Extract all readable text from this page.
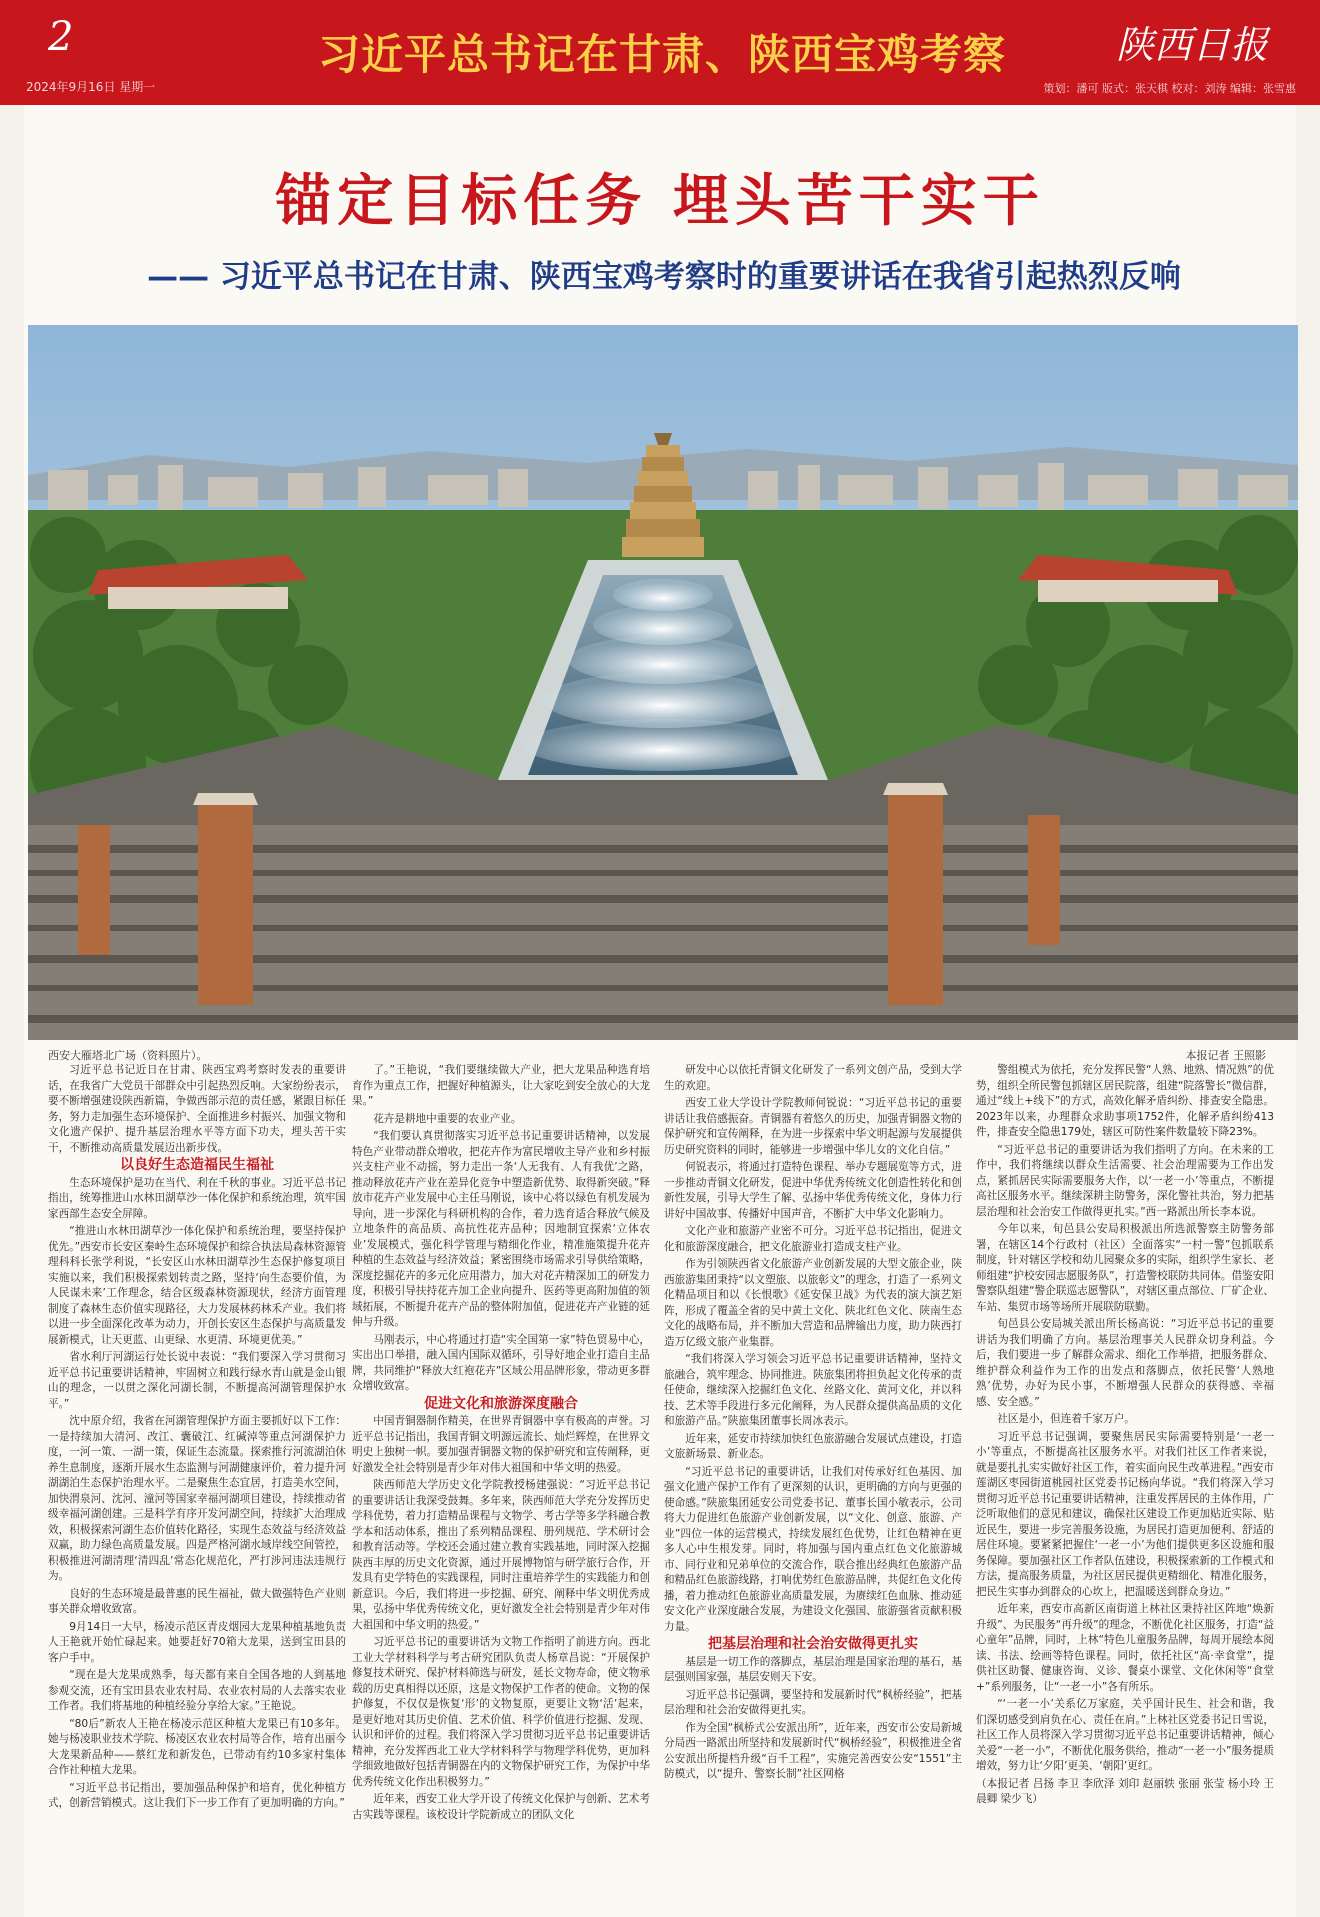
2	习近平总书记在甘肃、陕西宝鸡考察	陕西日报
2024年9月16日 星期一	策划：潘可 版式：张天棋 校对：刘涛 编辑：张雪惠
锚定目标任务 埋头苦干实干
—— 习近平总书记在甘肃、陕西宝鸡考察时的重要讲话在我省引起热烈反响
西安大雁塔北广场（资料照片）。	本报记者 王照影

习近平总书记近日在甘肃、陕西宝鸡考察时发表的重要讲话，在我省广大党员干部群众中引起热烈反响。大家纷纷表示，要不断增强建设陕西新篇，争做西部示范的责任感，紧跟目标任务，努力走加强生态环境保护、全面推进乡村振兴、加强文物和文化遗产保护、提升基层治理水平等方面下功夫，埋头苦干实干，不断推动高质量发展迈出新步伐。

以良好生态造福民生福祉

生态环境保护是功在当代、利在千秋的事业。习近平总书记指出，统筹推进山水林田湖草沙一体化保护和系统治理，筑牢国家西部生态安全屏障。

“推进山水林田湖草沙一体化保护和系统治理，要坚持保护优先。”西安市长安区秦岭生态环境保护和综合执法局森林资源管理科科长张学利说，“长安区山水林田湖草沙生态保护修复项目实施以来，我们积极探索划转责之路，坚持‘向生态要价值，为人民谋未来’工作理念，结合区级森林资源现状，经济方面管理制度了森林生态价值实现路径，大力发展林药林禾产业。我们将以进一步全面深化改革为动力，开创长安区生态保护与高质量发展新模式，让天更蓝、山更绿、水更清、环境更优美。”

省水利厅河湖运行处长说中表说：“我们要深入学习贯彻习近平总书记重要讲话精神，牢固树立和践行绿水青山就是金山银山的理念，一以贯之深化河湖长制，不断提高河湖管理保护水平。”

沈中原介绍，我省在河湖管理保护方面主要抓好以下工作：一是持续加大清河、改江、囊破江、红碱淖等重点河湖保护力度，一河一策、一湖一策，保证生态流量。探索推行河流湖泊休养生息制度，逐渐开展水生态监测与河湖健康评价，着力提升河湖湖泊生态保护治理水平。二是聚焦生态宜居，打造美水空间，加快渭泉河、沈河、潼河等国家幸福河湖项目建设，持续推动省级幸福河湖创建。三是科学有序开发河湖空间，持续扩大治理成效，积极探索河湖生态价值转化路径，实现生态效益与经济效益双赢，助力绿色高质量发展。四是严格河湖水域岸线空间管控，积极推进河湖清理‘清四乱’常态化规范化，严打涉河违法违规行为。

良好的生态环境是最普惠的民生福祉，做大做强特色产业则事关群众增收致富。

9月14日一大早，杨凌示范区青皮烟园大龙果种植基地负责人王艳就开始忙碌起来。她要赶好70箱大龙果，送到宝田县的客户手中。

“现在是大龙果成熟季，每天都有来自全国各地的人到基地参观交流，还有宝田县农业农村局、农业农村局的人去落实农业工作者。我们将基地的种植经验分享给大家。”王艳说。

“80后”新农人王艳在杨凌示范区种植大龙果已有10多年。她与杨凌职业技术学院、杨凌区农业农村局等合作，培育出丽今大龙果新品种——蔡红龙和新发色，已带动有约10多家村集体合作社种植大龙果。

“习近平总书记指出，要加强品种保护和培育，优化种植方式，创新营销模式。这让我们下一步工作有了更加明确的方向。”

了。”王艳说，“我们要继续做大产业，把大龙果品种选育培育作为重点工作，把握好种植源头，让大家吃到安全放心的大龙果。”

花卉是耕地中重要的农业产业。

“我们要认真贯彻落实习近平总书记重要讲话精神，以发展特色产业带动群众增收，把花卉作为富民增收主导产业和乡村振兴支柱产业不动摇，努力走出一条‘人无我有、人有我优’之路，推动释放花卉产业在差异化竞争中塑造新优势、取得新突破。”释放市花卉产业发展中心主任马刚说，该中心将以绿色有机发展为导向，进一步深化与科研机构的合作，着力选育适合释放气候及立地条件的高品质、高抗性花卉品种；因地制宜探索‘立体农业’发展模式，强化科学管理与精细化作业，精准施策提升花卉种植的生态效益与经济效益；紧密围绕市场需求引导供给策略，深度挖掘花卉的多元化应用潜力，加大对花卉精深加工的研发力度，积极引导扶持花卉加工企业向提升、医药等更高附加值的领域拓展，不断提升花卉产品的整体附加值，促进花卉产业链的延伸与升级。

马刚表示，中心将通过打造“实全国第一家”特色贸易中心，实出出口举措，融入国内国际双循环，引导好地企业打造自主品牌，共同维护“释放大红袍花卉”区域公用品牌形象，带动更多群众增收致富。

促进文化和旅游深度融合

中国青铜器制作精美，在世界青铜器中享有极高的声誉。习近平总书记指出，我国青铜文明源远流长、灿烂辉煌，在世界文明史上独树一帜。要加强青铜器文物的保护研究和宣传阐释，更好激发全社会特别是青少年对伟大祖国和中华文明的热爱。

陕西师范大学历史文化学院教授杨建强说：“习近平总书记的重要讲话让我深受鼓舞。多年来，陕西师范大学充分发挥历史学科优势，着力打造精品课程与文物学、考古学等多学科融合教学本和活动体系，推出了系列精品课程、册列规范、学术研讨会和教育活动等。学校还会通过建立教育实践基地，同时深入挖掘陕西丰厚的历史文化资源，通过开展博物馆与研学旅行合作，开发具有史学特色的实践课程，同时注重培养学生的实践能力和创新意识。今后，我们将进一步挖掘、研究、阐释中华文明优秀成果，弘扬中华优秀传统文化，更好激发全社会特别是青少年对伟大祖国和中华文明的热爱。”

习近平总书记的重要讲话为文物工作指明了前进方向。西北工业大学材料科学与考古研究团队负责人杨章昌说：“开展保护修复技术研究、保护材料筛选与研发，延长文物寿命，使文物承载的历史真相得以还原，这是文物保护工作者的使命。文物的保护修复，不仅仅是恢复‘形’的文物复原，更要让文物‘活’起来，是更好地对其历史价值、艺术价值、科学价值进行挖掘、发现、认识和评价的过程。我们将深入学习贯彻习近平总书记重要讲话精神，充分发挥西北工业大学材料科学与物理学科优势，更加科学细致地做好包括青铜器在内的文物保护研究工作，为保护中华优秀传统文化作出积极努力。”

近年来，西安工业大学开设了传统文化保护与创新、艺术考古实践等课程。该校设计学院新成立的团队文化

研发中心以依托青铜文化研发了一系列文创产品，受到大学生的欢迎。

西安工业大学设计学院教师何锐说：“习近平总书记的重要讲话让我倍感振奋。青铜器有着悠久的历史，加强青铜器文物的保护研究和宣传阐释，在为进一步探索中华文明起源与发展提供历史研究资料的同时，能够进一步增强中华儿女的文化自信。”

何锐表示，将通过打造特色课程、举办专题展览等方式，进一步推动青铜文化研发，促进中华优秀传统文化创造性转化和创新性发展，引导大学生了解、弘扬中华优秀传统文化，身体力行讲好中国故事、传播好中国声音，不断扩大中华文化影响力。

文化产业和旅游产业密不可分。习近平总书记指出，促进文化和旅游深度融合，把文化旅游业打造成支柱产业。

作为引领陕西省文化旅游产业创新发展的大型文旅企业，陕西旅游集团秉持“以文塑旅、以旅彰文”的理念，打造了一系列文化精品项目和以《长恨歌》《延安保卫战》为代表的演大演艺矩阵，形成了覆盖全省的吴中黄土文化、陕北红色文化、陕南生态文化的战略布局，并不断加大营造和品牌输出力度，助力陕西打造万亿级文旅产业集群。

“我们将深入学习领会习近平总书记重要讲话精神，坚持文旅融合，筑牢理念、协同推进。陕旅集团将担负起文化传承的责任使命，继续深入挖掘红色文化、丝路文化、黄河文化，并以科技、艺术等手段进行多元化阐释，为人民群众提供高品质的文化和旅游产品。”陕旅集团董事长周冰表示。

近年来，延安市持续加快红色旅游融合发展试点建设，打造文旅新场景、新业态。

“习近平总书记的重要讲话，让我们对传承好红色基因、加强文化遗产保护工作有了更深刻的认识，更明确的方向与更强的使命感。”陕旅集团延安公司党委书记、董事长国小敏表示，公司将大力促进红色旅游产业创新发展，以“文化、创意、旅游、产业”四位一体的运营模式，持续发展红色优势，让红色精神在更多人心中生根发芽。同时，将加强与国内重点红色文化旅游城市、同行业和兄弟单位的交流合作，联合推出经典红色旅游产品和精品红色旅游线路，打响优势红色旅游品牌，共促红色文化传播，着力推动红色旅游业高质量发展，为赓续红色血脉、推动延安文化产业深度融合发展，为建设文化强国、旅游强省贡献积极力量。

把基层治理和社会治安做得更扎实

基层是一切工作的落脚点，基层治理是国家治理的基石，基层强则国家强，基层安则天下安。

习近平总书记强调，要坚持和发展新时代“枫桥经验”，把基层治理和社会治安做得更扎实。

作为全国“枫桥式公安派出所”，近年来，西安市公安局新城分局西一路派出所坚持和发展新时代“枫桥经验”，积极推进全省公安派出所提档升级“百千工程”，实施完善西安公安“1551”主防模式，以“提升、警察长制”社区网格

警组模式为依托，充分发挥民警“人熟、地熟、情况熟”的优势，组织全所民警包抓辖区居民院落，组建“院落警长”微信群，通过“线上+线下”的方式，高效化解矛盾纠纷、排查安全隐患。2023年以来，办理群众求助事项1752件，化解矛盾纠纷413件，排查安全隐患179处，辖区可防性案件数量较下降23%。

“习近平总书记的重要讲话为我们指明了方向。在未来的工作中，我们将继续以群众生活需要、社会治理需要为工作出发点，紧抓居民实际需要服务大作，以‘一老一小’等重点，不断提高社区服务水平。继续深耕主防警务，深化警社共治，努力把基层治理和社会治安工作做得更扎实。”西一路派出所长李本说。

今年以来，旬邑县公安局积极派出所选派警察主防警务部署，在辖区14个行政村（社区）全面落实“一村一警”包抓联系制度，针对辖区学校和幼儿园聚众多的实际，组织学生家长、老师组建“护校安园志愿服务队”，打造警校联防共同体。借鉴安阳警察队组建“警企联巡志愿警队”，对辖区重点部位、厂矿企业、车站、集贸市场等场所开展联防联勤。

旬邑县公安局城关派出所长杨高说：“习近平总书记的重要讲话为我们明确了方向。基层治理事关人民群众切身利益。今后，我们要进一步了解群众需求、细化工作举措，把服务群众、维护群众利益作为工作的出发点和落脚点，依托民警‘人熟地熟’优势，办好为民小事，不断增强人民群众的获得感、幸福感、安全感。”

社区是小，但连着千家万户。

习近平总书记强调，要聚焦居民实际需要特别是‘一老一小’等重点，不断提高社区服务水平。对我们社区工作者来说，就是要扎扎实实做好社区工作，着实面向民生改革进程。”西安市莲湖区枣园街道桃园社区党委书记杨向华说。“我们将深入学习贯彻习近平总书记重要讲话精神，注重发挥居民的主体作用，广泛听取他们的意见和建议，确保社区建设工作更加贴近实际、贴近民生，要进一步完善服务设施，为居民打造更加便利、舒适的居住环境。要紧紧把握住‘一老一小’为他们提供更多区设施和服务保障。要加强社区工作者队伍建设，积极探索新的工作模式和方法，提高服务质量，为社区居民提供更精细化、精准化服务，把民生实事办到群众的心坎上，把温暖送到群众身边。”

近年来，西安市高新区南街道上林社区秉持社区阵地“焕新升级”、为民服务“再升级”的理念，不断优化社区服务，打造“益心童年”品牌，同时，上林“特色儿童服务品牌，每周开展绘本阅读、书法、绘画等特色课程。同时，依托社区“高·幸食堂”，提供社区助餐、健康咨询、义诊、餐桌小课堂、文化休闲等“食堂+”系列服务，让“一老一小”各有所乐。

“‘一老一小’关系亿万家庭，关乎国计民生、社会和谐，我们深切感受到肩负在心、责任在肩。”上林社区党委书记日雪说，社区工作人员将深入学习贯彻习近平总书记重要讲话精神，倾心关爱“一老一小”，不断优化服务供给，推动“一老一小”服务提质增效，努力让‘夕阳’更美、‘朝阳’更红。

（本报记者 吕扬 李卫 李欣泽 刘印 赵丽轶 张丽 张莹 杨小玲 王晨卿 梁少飞）
